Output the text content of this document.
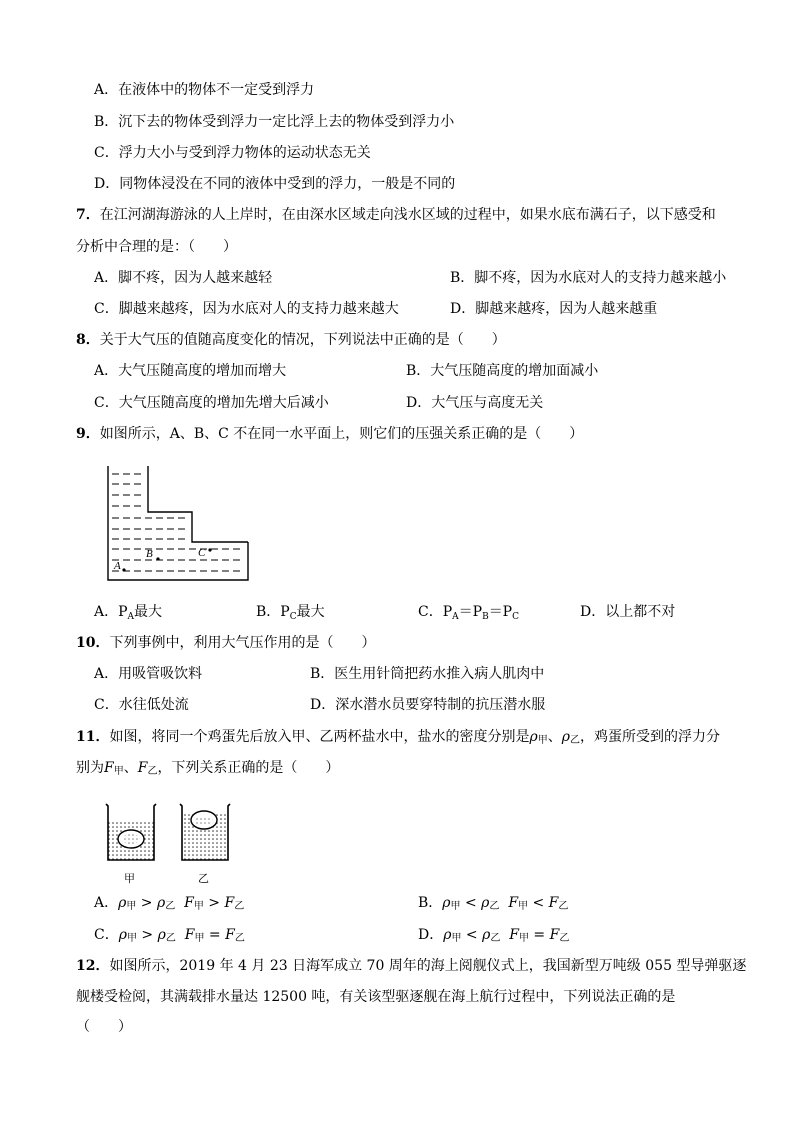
A．在液体中的物体不一定受到浮力
B．沉下去的物体受到浮力一定比浮上去的物体受到浮力小
C．浮力大小与受到浮力物体的运动状态无关
D．同物体浸没在不同的液体中受到的浮力，一般是不同的
7．在江河湖海游泳的人上岸时，在由深水区域走向浅水区域的过程中，如果水底布满石子，以下感受和
分析中合理的是：（　　）
A．脚不疼，因为人越来越轻	B．脚不疼，因为水底对人的支持力越来越小
C．脚越来越疼，因为水底对人的支持力越来越大	D．脚越来越疼，因为人越来越重
8．关于大气压的值随高度变化的情况，下列说法中正确的是（　　）
A．大气压随高度的增加而增大	B．大气压随高度的增加面减小
C．大气压随高度的增加先增大后减小	D．大气压与高度无关
9．如图所示，A、B、C 不在同一水平面上，则它们的压强关系正确的是（　　）
A
B	C
A．$P_A$最大	B．$P_C$最大	C．$P_A=P_B=P_C$	D．以上都不对
10．下列事例中，利用大气压作用的是（　　）
A．用吸管吸饮料	B．医生用针筒把药水推入病人肌肉中
C．水往低处流	D．深水潜水员要穿特制的抗压潜水服
11．如图，将同一个鸡蛋先后放入甲、乙两杯盐水中，盐水的密度分别是$\rho_甲$、$\rho_乙$，鸡蛋所受到的浮力分
别为$F_甲$、$F_乙$，下列关系正确的是（　　）
甲	乙
A．$\rho_甲 > \rho_乙$ $F_甲 > F_乙$	B．$\rho_甲 < \rho_乙$ $F_甲 < F_乙$
C．$\rho_甲 > \rho_乙$ $F_甲 = F_乙$	D．$\rho_甲 < \rho_乙$ $F_甲 = F_乙$
12．如图所示，2019 年 4 月 23 日海军成立 70 周年的海上阅舰仪式上，我国新型万吨级 055 型导弹驱逐
舰楼受检阅，其满载排水量达 12500 吨，有关该型驱逐舰在海上航行过程中，下列说法正确的是
（　　）
